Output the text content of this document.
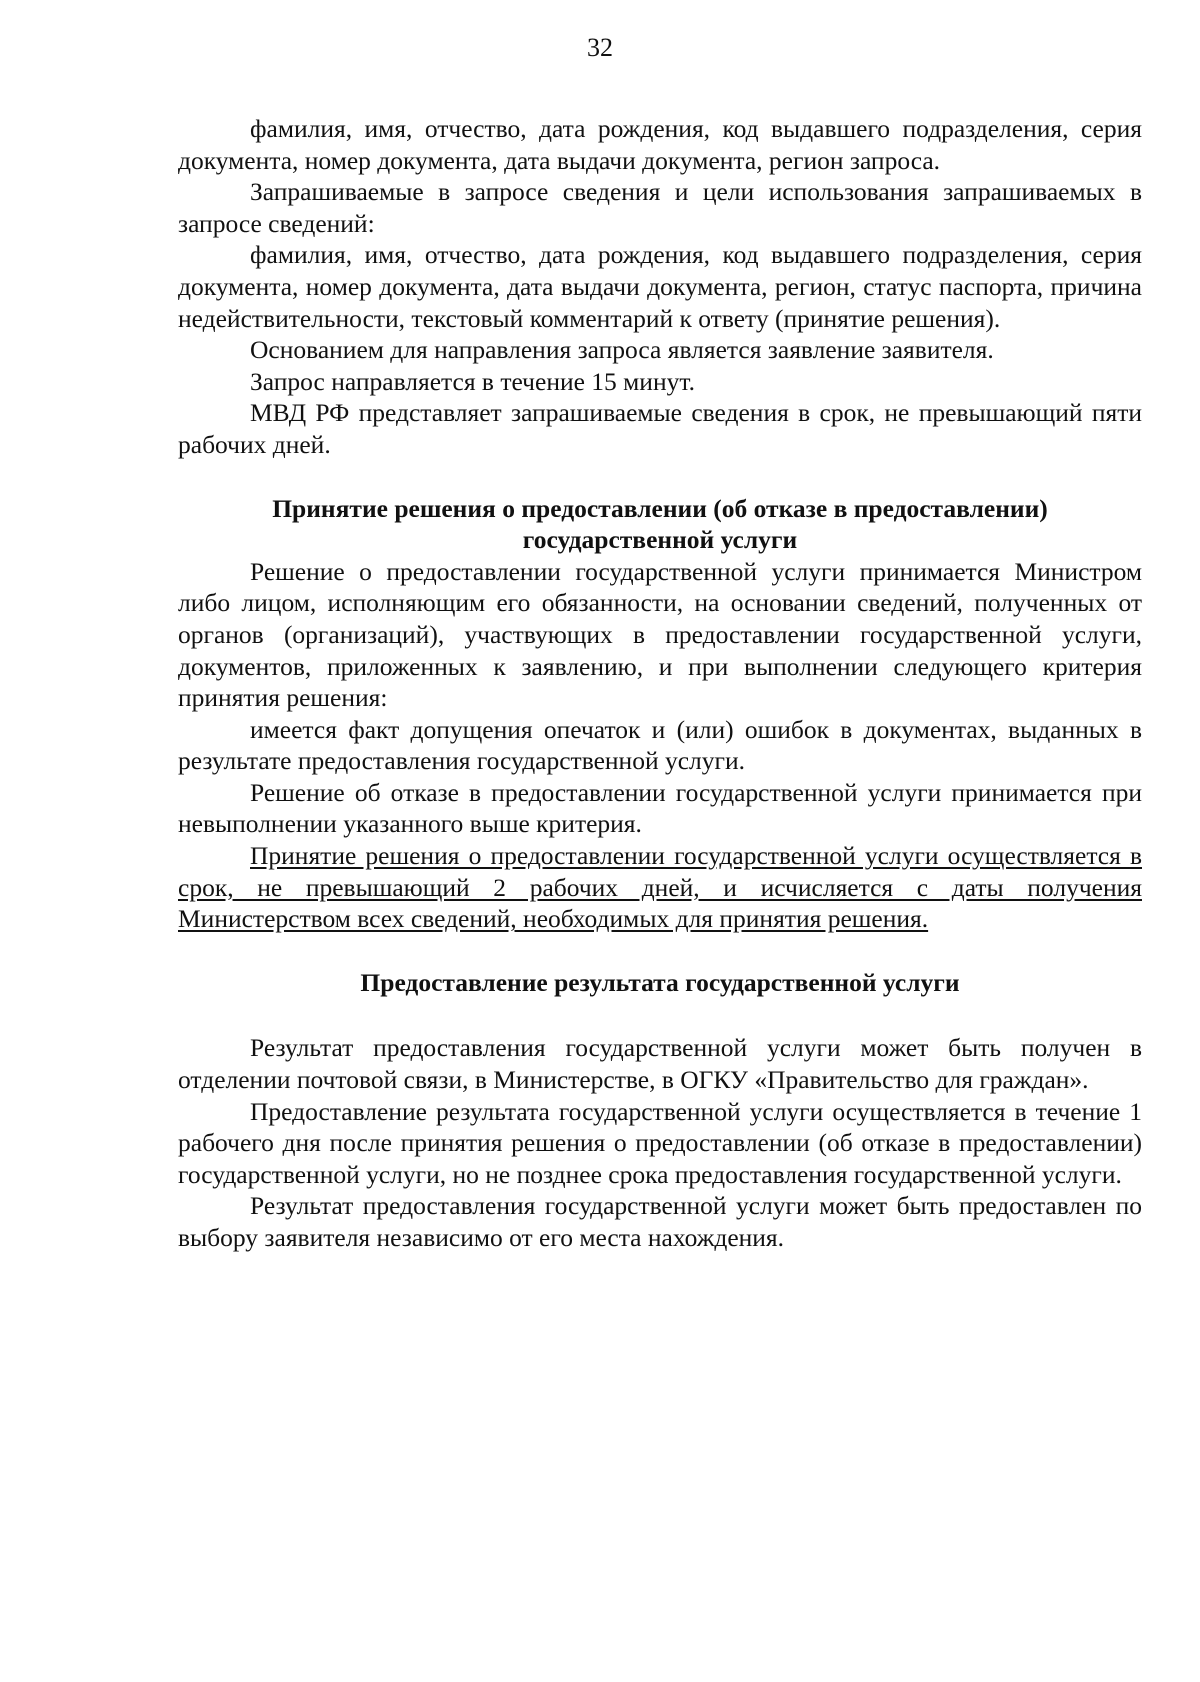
32

фамилия, имя, отчество, дата рождения, код выдавшего подразделения, серия документа, номер документа, дата выдачи документа, регион запроса.

Запрашиваемые в запросе сведения и цели использования запрашиваемых в запросе сведений:

фамилия, имя, отчество, дата рождения, код выдавшего подразделения, серия документа, номер документа, дата выдачи документа, регион, статус паспорта, причина недействительности, текстовый комментарий к ответу (принятие решения).

Основанием для направления запроса является заявление заявителя.

Запрос направляется в течение 15 минут.

МВД РФ представляет запрашиваемые сведения в срок, не превышающий пяти рабочих дней.

Принятие решения о предоставлении (об отказе в предоставлении)

государственной услуги

Решение о предоставлении государственной услуги принимается Министром либо лицом, исполняющим его обязанности, на основании сведений, полученных от органов (организаций), участвующих в предоставлении государственной услуги, документов, приложенных к заявлению, и при выполнении следующего критерия принятия решения:

имеется факт допущения опечаток и (или) ошибок в документах, выданных в результате предоставления государственной услуги.

Решение об отказе в предоставлении государственной услуги принимается при невыполнении указанного выше критерия.

Принятие решения о предоставлении государственной услуги осуществляется в срок, не превышающий 2 рабочих дней, и исчисляется с даты получения Министерством всех сведений, необходимых для принятия решения.

Предоставление результата государственной услуги

Результат предоставления государственной услуги может быть получен в отделении почтовой связи, в Министерстве, в ОГКУ «Правительство для граждан».

Предоставление результата государственной услуги осуществляется в течение 1 рабочего дня после принятия решения о предоставлении (об отказе в предоставлении) государственной услуги, но не позднее срока предоставления государственной услуги.

Результат предоставления государственной услуги может быть предоставлен по выбору заявителя независимо от его места нахождения.
